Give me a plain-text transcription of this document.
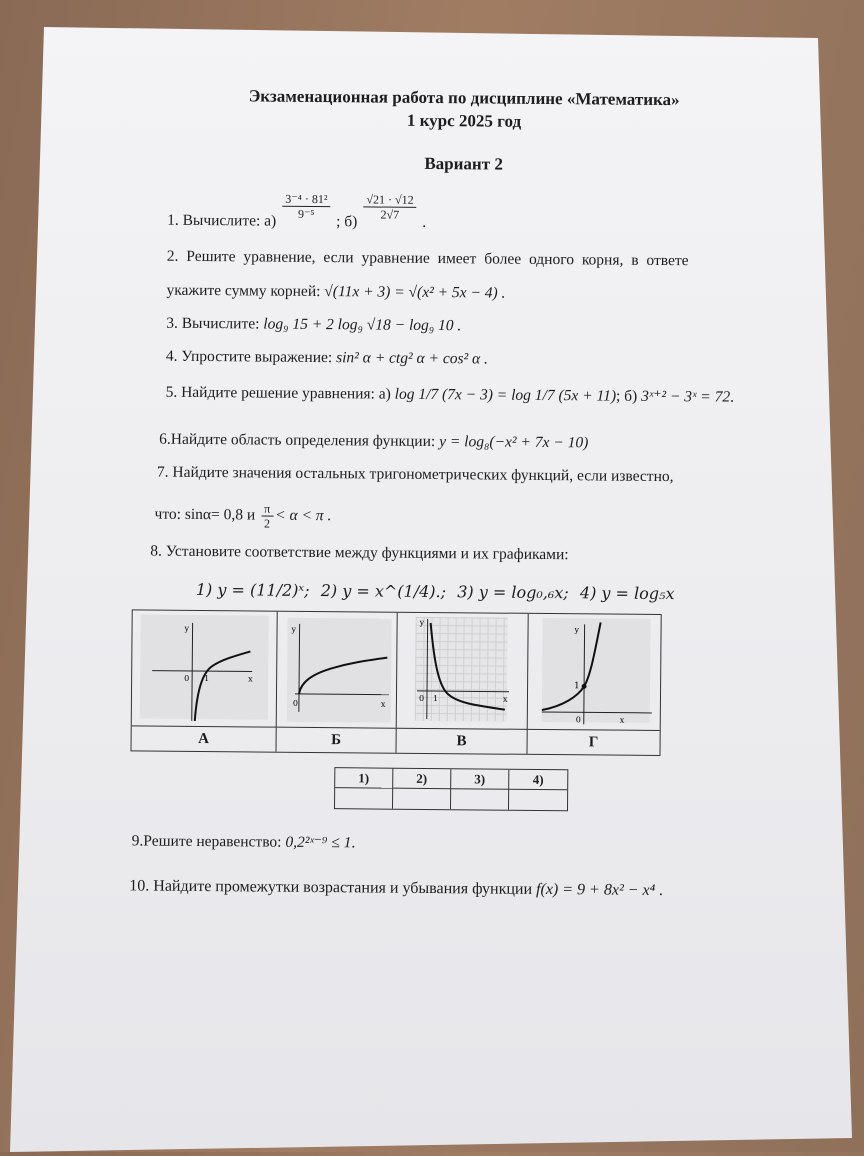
Экзаменационная работа по дисциплине «Математика»
1 курс 2025 год
Вариант 2
1. Вычислите: $а) \frac{\text{3⁻⁴ · 81²}}{\text{9⁻⁵}}$
; $б) \frac{√21 \cdot √12}{2√7}$
.
2. Решите уравнение, если уравнение имеет более одного корня, в ответе
укажите сумму корней: √(11x + 3) = √(x² + 5x − 4) .
3. Вычислите: log₉ 15 + 2 log₉ √18 − log₉ 10 .
4. Упростите выражение: sin² α + ctg² α + cos² α .
5. Найдите решение уравнения: а) log 1/7 (7x − 3) = log 1/7 (5x + 11); б) 3ˣ⁺² − 3ˣ = 72.
6.Найдите область определения функции: y = log₈(−x² + 7x − 10)
7. Найдите значения остальных тригонометрических функций, если известно,
что: sinα= 0,8 и $\frac{\pi}{2} < \alpha < \pi$ .
8. Установите соответствие между функциями и их графиками:
1) y = (11/2)ˣ; 2) y = x^(1/4).; 3) y = log₀,₆x; 4) y = log₅x
y
0 1	x
y
0	x
y
0 1	x
y
1
0	x
А	Б	В	Г
1)	2)	3)	4)
9.Решите неравенство: 0,2²ˣ⁻⁹ ≤ 1.
10. Найдите промежутки возрастания и убывания функции f(x) = 9 + 8x² − x⁴ .
